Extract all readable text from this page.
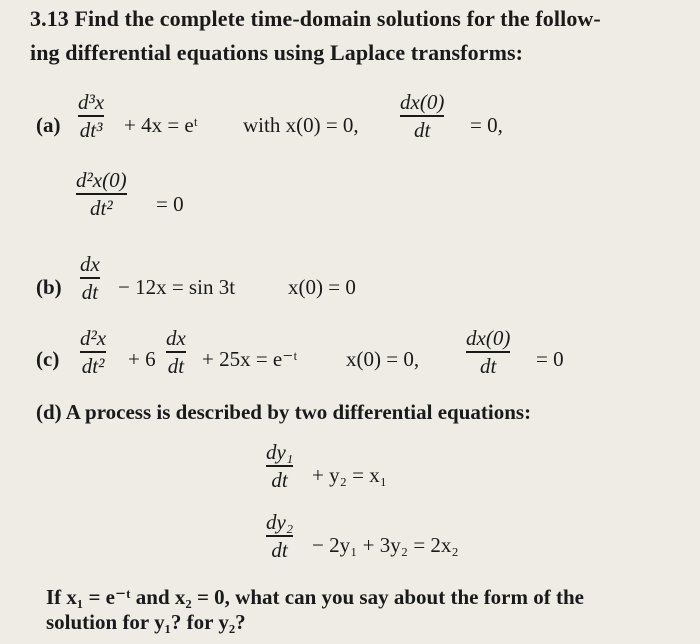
3.13 Find the complete time-domain solutions for the follow-
ing differential equations using Laplace transforms:
(a)
d³x
dt³ + 4x = eᵗ with x(0) = 0,
dx(0)
dt = 0,
d²x(0)
dt² = 0
(b)
dx
dt − 12x = sin 3t	x(0) = 0
(c)
d²x
dt² + 6
dx
dt + 25x = e⁻ᵗ x(0) = 0,
dx(0)
dt = 0
(d) A process is described by two differential equations:
dy₁
dt + y₂ = x₁
dy₂
dt − 2y₁ + 3y₂ = 2x₂
If x₁ = e⁻ᵗ and x₂ = 0, what can you say about the form of the
solution for y₁? for y₂?
